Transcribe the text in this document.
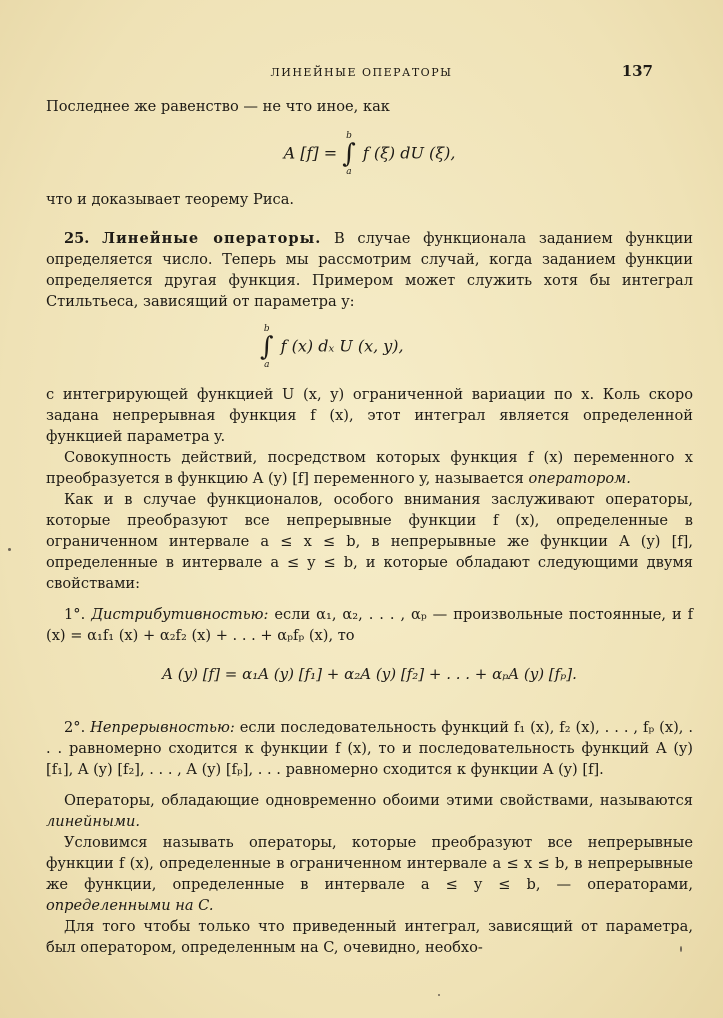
ЛИНЕЙНЫЕ ОПЕРАТОРЫ	137

Последнее же равенство — не что иное, как

A [f] =
b
∫
a
f (ξ) dU (ξ),

что и доказывает теорему Риса.

25. Линейные операторы. В случае функционала заданием функции определяется число. Теперь мы рассмотрим случай, когда заданием функции определяется другая функция. Примером может служить хотя бы интеграл Стильтьеса, зависящий от параметра y:

b
∫
a
f (x) dₓ U (x, y),

с интегрирующей функцией U (x, y) ограниченной вариации по x. Коль скоро задана непрерывная функция f (x), этот интеграл является определенной функцией параметра y.

Совокупность действий, посредством которых функция f (x) переменного x преобразуется в функцию A (y) [f] переменного y, называется оператором.

Как и в случае функционалов, особого внимания заслуживают операторы, которые преобразуют все непрерывные функции f (x), определенные в ограниченном интервале a ≤ x ≤ b, в непрерывные же функции A (y) [f], определенные в интервале a ≤ y ≤ b, и которые обладают следующими двумя свойствами:

1°. Дистрибутивностью: если α₁, α₂, . . . , αₚ — произвольные постоянные, и f (x) = α₁f₁ (x) + α₂f₂ (x) + . . . + αₚfₚ (x), то

A (y) [f] = α₁A (y) [f₁] + α₂A (y) [f₂] + . . . + αₚA (y) [fₚ].

2°. Непрерывностью: если последовательность функций f₁ (x), f₂ (x), . . . , fₚ (x), . . . равномерно сходится к функции f (x), то и последовательность функций A (y) [f₁], A (y) [f₂], . . . , A (y) [fₚ], . . . равномерно сходится к функции A (y) [f].

Операторы, обладающие одновременно обоими этими свойствами, называются линейными.

Условимся называть операторы, которые преобразуют все непрерывные функции f (x), определенные в ограниченном интервале a ≤ x ≤ b, в непрерывные же функции, определенные в интервале a ≤ y ≤ b, — операторами, определенными на C.

Для того чтобы только что приведенный интеграл, зависящий от параметра, был оператором, определенным на C, очевидно, необхо-
